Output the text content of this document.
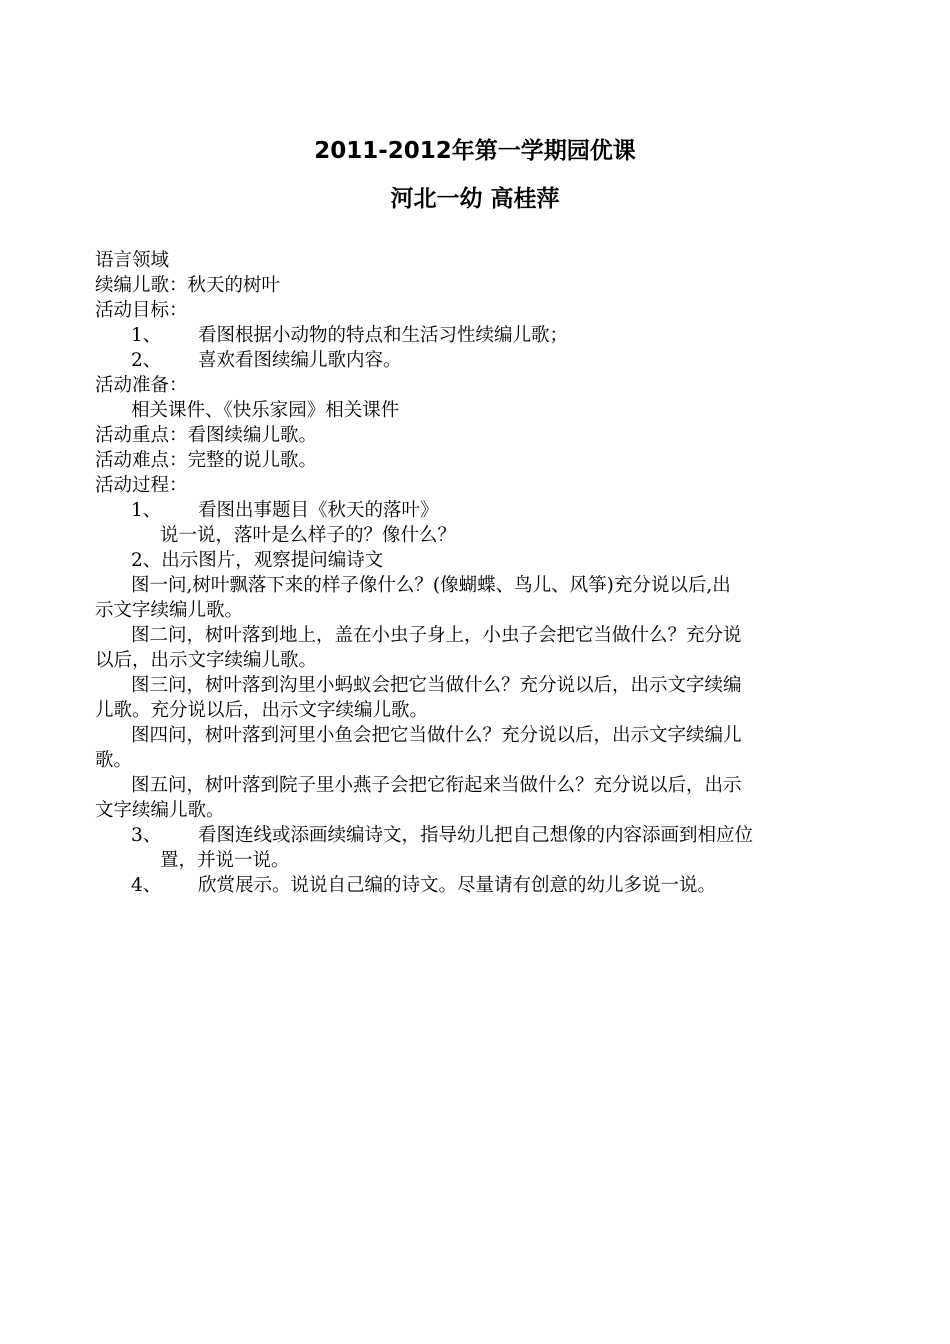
2011-2012年第一学期园优课
河北一幼 高桂萍
语言领域
续编儿歌：秋天的树叶
活动目标：
1、 看图根据小动物的特点和生活习性续编儿歌；
2、 喜欢看图续编儿歌内容。
活动准备：
相关课件、《快乐家园》相关课件
活动重点：看图续编儿歌。
活动难点：完整的说儿歌。
活动过程：
1、 看图出事题目《秋天的落叶》
说一说，落叶是么样子的？像什么？
2、出示图片，观察提问编诗文
图一问,树叶飘落下来的样子像什么？(像蝴蝶、鸟儿、风筝)充分说以后,出
示文字续编儿歌。
图二问，树叶落到地上，盖在小虫子身上，小虫子会把它当做什么？充分说
以后，出示文字续编儿歌。
图三问，树叶落到沟里小蚂蚁会把它当做什么？充分说以后，出示文字续编
儿歌。充分说以后，出示文字续编儿歌。
图四问，树叶落到河里小鱼会把它当做什么？充分说以后，出示文字续编儿
歌。
图五问，树叶落到院子里小燕子会把它衔起来当做什么？充分说以后，出示
文字续编儿歌。
3、 看图连线或添画续编诗文，指导幼儿把自己想像的内容添画到相应位
置，并说一说。
4、 欣赏展示。说说自己编的诗文。尽量请有创意的幼儿多说一说。
